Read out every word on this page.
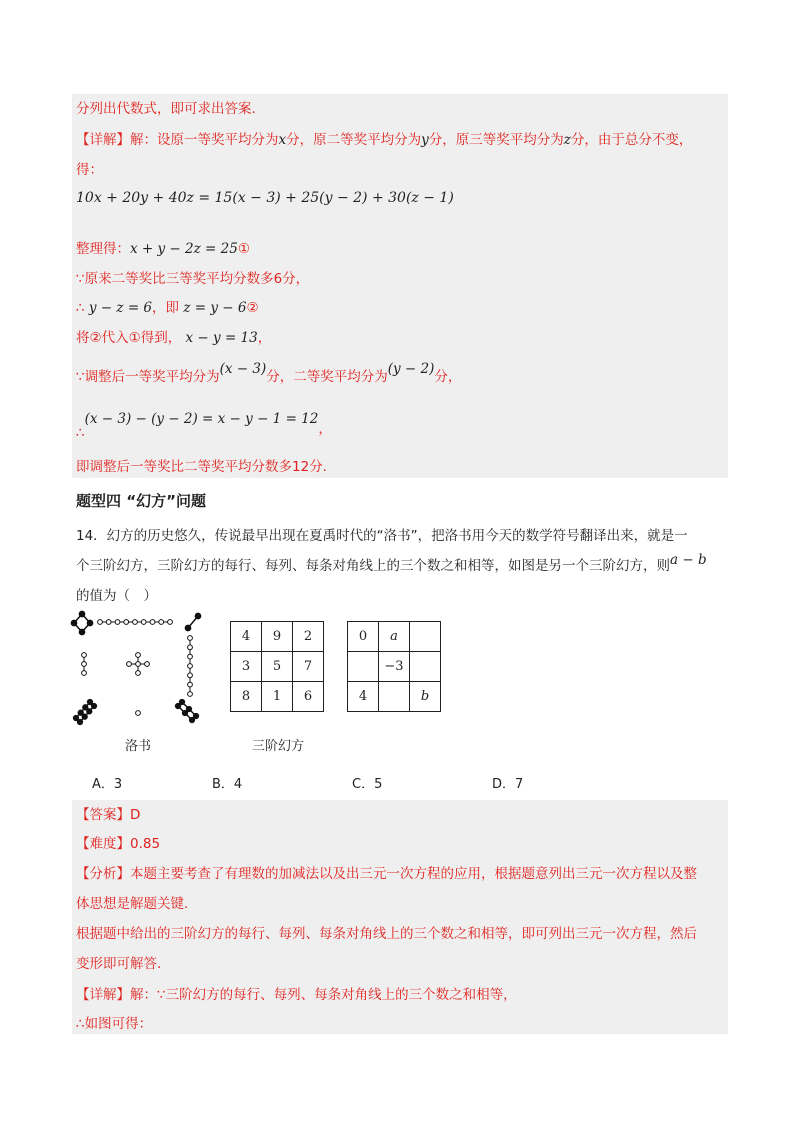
分列出代数式，即可求出答案.
【详解】解：设原一等奖平均分为x分，原二等奖平均分为y分，原三等奖平均分为z分，由于总分不变，
得：
10x + 20y + 40z = 15(x − 3) + 25(y − 2) + 30(z − 1)
整理得：x + y − 2z = 25①
∵原来二等奖比三等奖平均分数多6分，
∴ y − z = 6，即 z = y − 6②
将②代入①得到， x − y = 13，
∵调整后一等奖平均分为(x − 3)分，二等奖平均分为(y − 2)分，
∴(x − 3) − (y − 2) = x − y − 1 = 12，
即调整后一等奖比二等奖平均分数多12分.
题型四 “幻方”问题
14．幻方的历史悠久，传说最早出现在夏禹时代的“洛书”，把洛书用今天的数学符号翻译出来，就是一
个三阶幻方，三阶幻方的每行、每列、每条对角线上的三个数之和相等，如图是另一个三阶幻方，则a − b
的值为（　）
洛书
4	9	2
3	5	7
8	1	6
三阶幻方
0	a	
	−3	
4		b
A．3	B．4	C．5	D．7
【答案】D
【难度】0.85
【分析】本题主要考查了有理数的加减法以及出三元一次方程的应用，根据题意列出三元一次方程以及整
体思想是解题关键.
根据题中给出的三阶幻方的每行、每列、每条对角线上的三个数之和相等，即可列出三元一次方程，然后
变形即可解答.
【详解】解：∵三阶幻方的每行、每列、每条对角线上的三个数之和相等，
∴如图可得：
